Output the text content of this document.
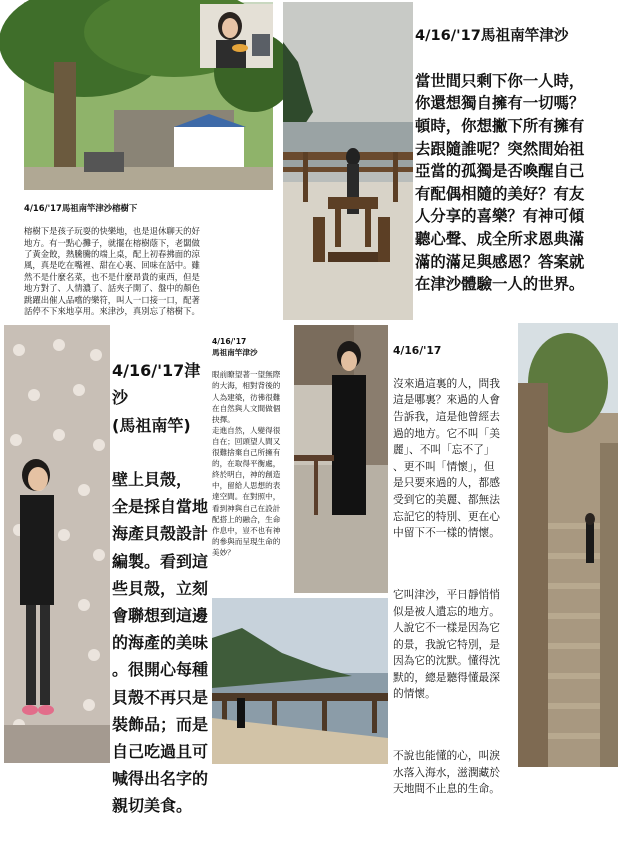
4/16/'17馬祖南竿津沙榕樹下

榕樹下是孩子玩耍的快樂地，也是退休聊天的好
地方。有一點心攤子，就擺在榕樹蔭下，老闆做
了黃金餃，熱騰騰的端上桌，配上初春拂面的涼
風，真是吃在嘴裡、甜在心裏、回味在話中。雖
然不是什麼名菜，也不是什麼昂貴的東西，但是
地方對了、人情濃了、話夾子開了、盤中的顏色
跳躍出催人品嚐的樂符，叫人一口接一口，配著
話停不下來地享用。來津沙，真別忘了榕樹下。

4/16/'17馬祖南竿津沙

當世間只剩下你一人時，
你還想獨自擁有一切嗎？
頓時，你想撇下所有擁有
去跟隨誰呢？突然間始祖
亞當的孤獨是否喚醒自己
有配偶相隨的美好？有友
人分享的喜樂？有神可傾
聽心聲、成全所求恩典滿
滿的滿足與感恩？答案就
在津沙體驗一人的世界。

4/16/'17津沙
(馬祖南竿)

壁上貝殼，
全是採自當地
海產貝殼設計
編製。看到這
些貝殼，立刻
會聯想到這邊
的海產的美味
。很開心每種
貝殼不再只是
裝飾品；而是
自己吃過且可
喊得出名字的
親切美食。

4/16/'17
馬祖南竿津沙

眼前瞭望著一望無際
的大海，相對背後的
人為建築，彷彿很難
在自然與人文間做個
抉擇。
走進自然，人變得很
自在；回頭望人間又
很難捨棄自己所擁有
的，在取得平衡處，
終於明白，神的創造
中，留給人思想的表
達空間。在對照中，
看到神與自己在設計
配搭上的融合，生命
作息中，豈不也有神
的參與而呈現生命的
美妙？

4/16/'17

沒來過這裏的人，問我
這是哪裏？來過的人會
告訴我，這是他曾經去
過的地方。它不叫「美
麗」、不叫「忘不了」
、更不叫「情懷」，但
是只要來過的人，都感
受到它的美麗、都無法
忘記它的特別、更在心
中留下不一樣的情懷。

它叫津沙，平日靜悄悄
似是被人遺忘的地方。
人說它不一樣是因為它
的景，我說它特別，是
因為它的沈默。懂得沈
默的，總是聽得懂最深
的情懷。

不說也能懂的心，叫淚
水落入海水，滋潤藏於
天地間不止息的生命。
